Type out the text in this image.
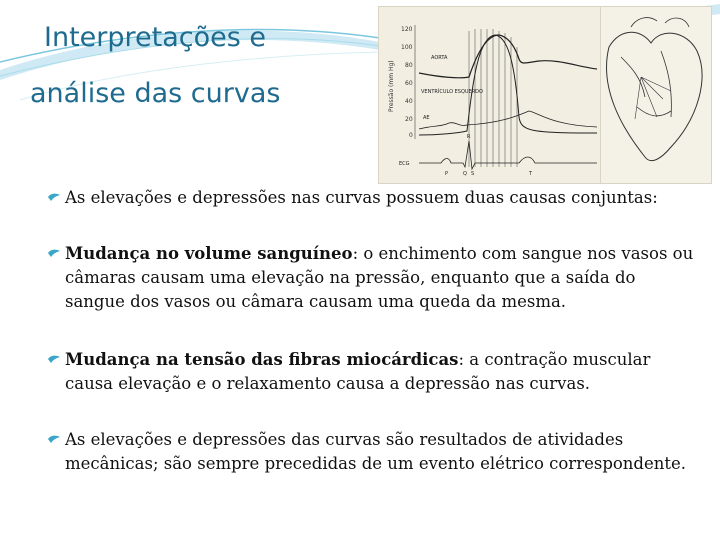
Interpretações e
análise das curvas
120
100
80
60
40
20
0
Pressão (mm Hg)
AORTA
VENTRÍCULO ESQUERDO
AE
ECG
P	Q S	T
R

As elevações e depressões nas curvas possuem duas causas conjuntas:

Mudança no volume sanguíneo: o enchimento com sangue nos vasos ou câmaras causam uma elevação na pressão, enquanto que a saída do sangue dos vasos ou câmara causam uma queda da mesma.

Mudança na tensão das fibras miocárdicas: a contração muscular causa elevação e o relaxamento causa a depressão nas curvas.

As elevações e depressões das curvas são resultados de atividades mecânicas; são sempre precedidas de um evento elétrico correspondente.
